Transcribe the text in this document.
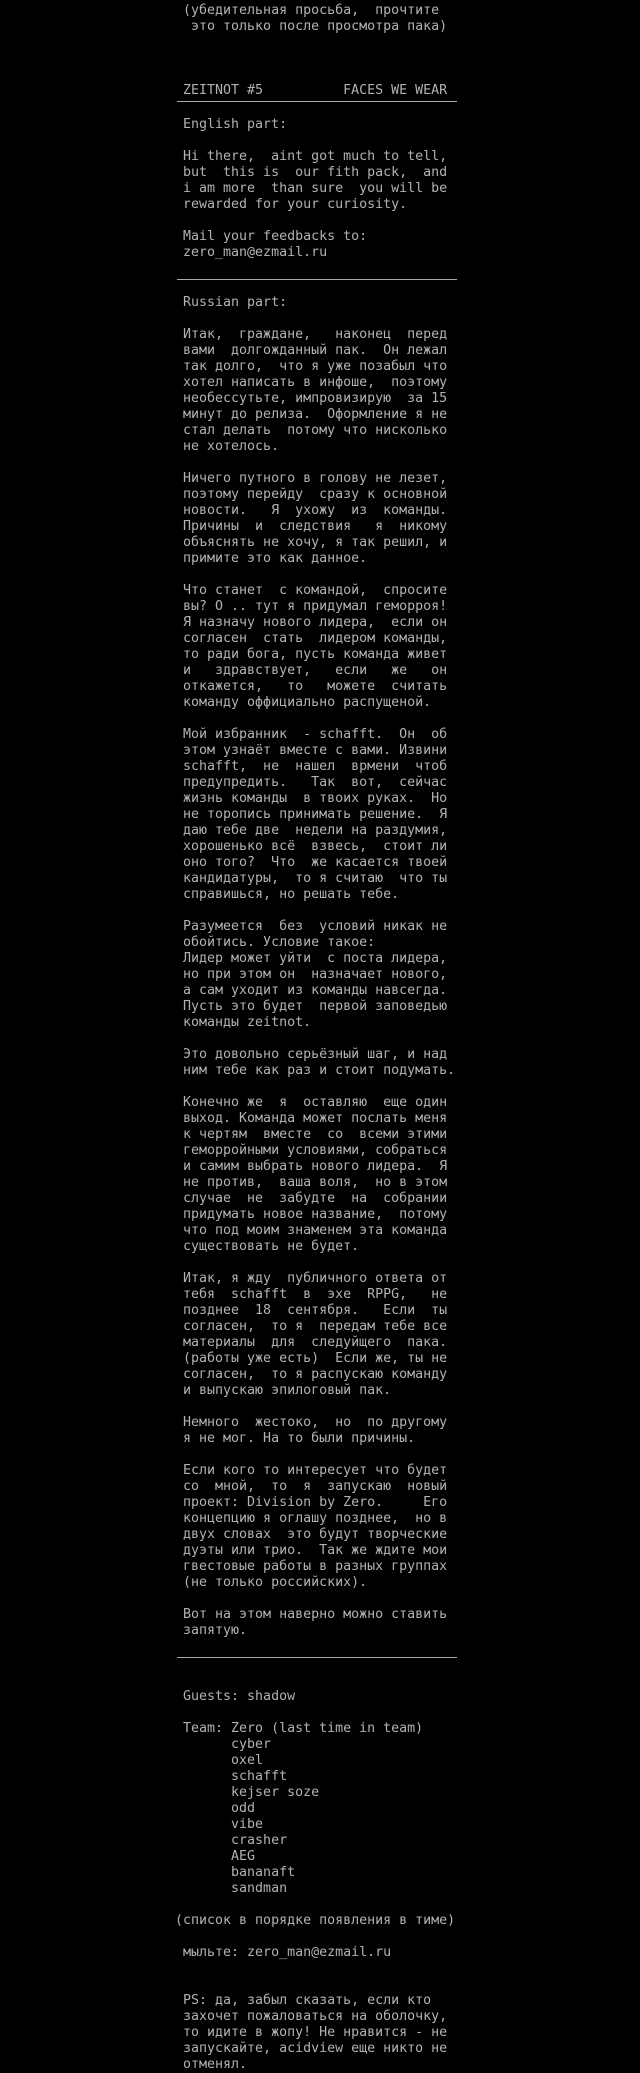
(убедительная просьба,  прочтите
это только после просмотра пака)
ZEITNOT #5          FACES WE WEAR
English part:
Hi there,  aint got much to tell,
but  this is  our fith pack,  and
i am more  than sure  you will be
rewarded for your curiosity.
Mail your feedbacks to:
zero_man@ezmail.ru
Russian part:
Итак,  граждане,   наконец  перед
вами  долгожданный пак.  Он лежал
так долго,  что я уже позабыл что
хотел написать в инфоше,  поэтому
необессутьте, импровизирую  за 15
минут до релиза.  Оформление я не
стал делать  потому что нисколько
не хотелось.
Ничего путного в голову не лезет,
поэтому перейду  сразу к основной
новости.   Я  ухожу  из  команды.
Причины  и  следствия   я  никому
объяснять не хочу, я так решил, и
примите это как данное.
Что станет  с командой,  спросите
вы? О .. тут я придумал геморроя!
Я назначу нового лидера,  если он
согласен  стать  лидером команды,
то ради бога, пусть команда живет
и   здравствует,   если   же   он
откажется,   то   можете  считать
команду оффициально распущеной.
Мой избранник  - schafft.  Он  об
этом узнаёт вместе с вами. Извини
schafft,  не  нашел  врмени  чтоб
предупредить.   Так  вот,  сейчас
жизнь команды  в твоих руках.  Но
не торопись принимать решение.  Я
даю тебе две  недели на раздумия,
хорошенько всё  взвесь,  стоит ли
оно того?  Что  же касается твоей
кандидатуры,  то я считаю  что ты
справишься, но решать тебе.
Разумеется  без  условий никак не
обойтись. Условие такое:
Лидер может уйти  с поста лидера,
но при этом он  назначает нового,
а сам уходит из команды навсегда.
Пусть это будет  первой заповедью
команды zeitnot.
Это довольно серьёзный шаг, и над
ним тебе как раз и стоит подумать.
Конечно же  я  оставляю  еще один
выход. Команда может послать меня
к чертям  вместе  со  всеми этими
геморройными условиями, собраться
и самим выбрать нового лидера.  Я
не против,  ваша воля,  но в этом
случае  не  забудте  на  собрании
придумать новое название,  потому
что под моим знаменем эта команда
существовать не будет.
Итак, я жду  публичного ответа от
тебя  schafft  в  эхе  RPPG,   не
позднее  18  сентября.   Если  ты
согласен,  то я  передам тебе все
материалы  для  следуйщего  пака.
(работы уже есть)  Если же, ты не
согласен,  то я распускаю команду
и выпускаю эпилоговый пак.
Немного  жестоко,  но  по другому
я не мог. На то были причины.
Если кого то интересует что будет
со  мной,  то  я  запускаю  новый
проект: Division by Zero.     Его
концепцию я оглашу позднее,  но в
двух словах  это будут творческие
дуэты или трио.  Так же ждите мои
гвестовые работы в разных группах
(не только российских).
Вот на этом наверно можно ставить
запятую.
Guests: shadow
Team: Zero (last time in team)
cyber
oxel
schafft
kejser soze
odd
vibe
crasher
AEG
bananaft
sandman
(список в порядке появления в тиме)
мыльте: zero_man@ezmail.ru
PS: да, забыл сказать, если кто
захочет пожаловаться на оболочку,
то идите в жопу! Не нравится - не
запускайте, acidview еще никто не
отменял.
